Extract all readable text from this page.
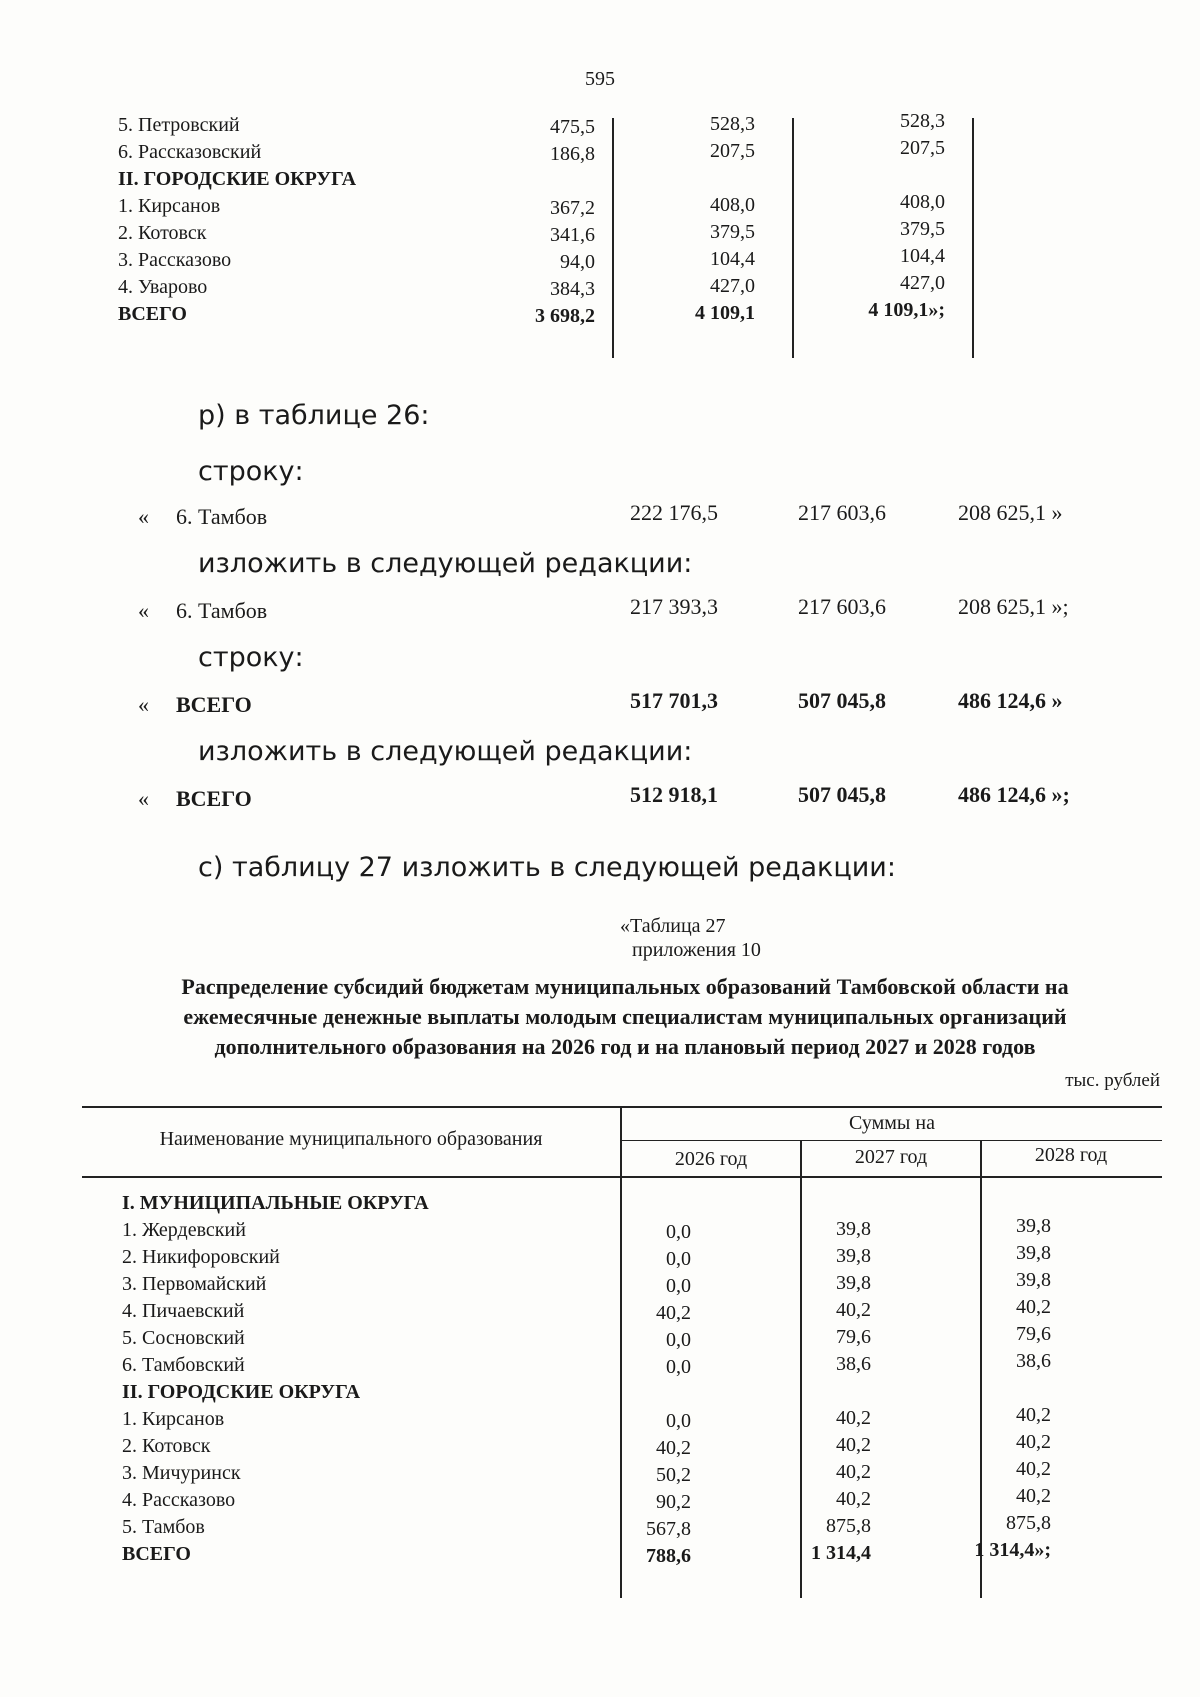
595
5. Петровский	475,5	528,3	528,3
6. Рассказовский	186,8	207,5	207,5
II. ГОРОДСКИЕ ОКРУГА
1. Кирсанов	367,2	408,0	408,0
2. Котовск	341,6	379,5	379,5
3. Рассказово	94,0	104,4	104,4
4. Уварово	384,3	427,0	427,0
ВСЕГО	3 698,2	4 109,1	4 109,1»;
р) в таблице 26:
строку:
« 6. Тамбов	222 176,5	217 603,6	208 625,1 »
изложить в следующей редакции:
« 6. Тамбов	217 393,3	217 603,6	208 625,1 »;
строку:
« ВСЕГО	517 701,3	507 045,8	486 124,6 »
изложить в следующей редакции:
« ВСЕГО	512 918,1	507 045,8	486 124,6 »;
с) таблицу 27 изложить в следующей редакции:
«Таблица 27
приложения 10
Распределение субсидий бюджетам муниципальных образований Тамбовской области на
ежемесячные денежные выплаты молодым специалистам муниципальных организаций
дополнительного образования на 2026 год и на плановый период 2027 и 2028 годов
тыс. рублей
Наименование муниципального образования
Суммы на
2026 год	2027 год	2028 год
I. МУНИЦИПАЛЬНЫЕ ОКРУГА
1. Жердевский	0,0	39,8	39,8
2. Никифоровский	0,0	39,8	39,8
3. Первомайский	0,0	39,8	39,8
4. Пичаевский	40,2	40,2	40,2
5. Сосновский	0,0	79,6	79,6
6. Тамбовский	0,0	38,6	38,6
II. ГОРОДСКИЕ ОКРУГА
1. Кирсанов	0,0	40,2	40,2
2. Котовск	40,2	40,2	40,2
3. Мичуринск	50,2	40,2	40,2
4. Рассказово	90,2	40,2	40,2
5. Тамбов	567,8	875,8	875,8
ВСЕГО	788,6	1 314,4	1 314,4»;
